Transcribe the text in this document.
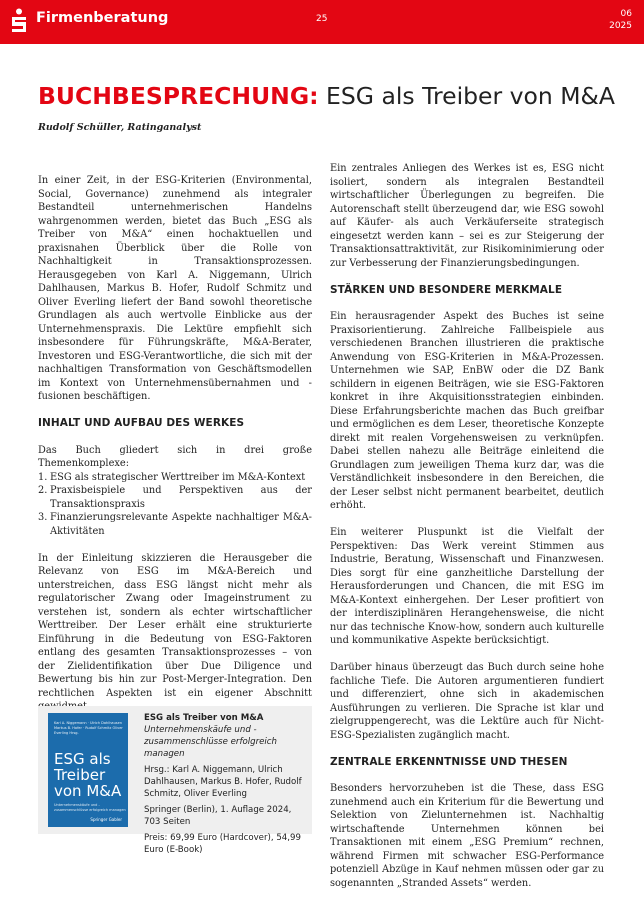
Firmenberatung	25	06
2025
BUCHBESPRECHUNG: ESG als Treiber von M&A
Rudolf Schüller, Ratinganalyst

In einer Zeit, in der ESG-Kriterien (Environmental, Social, Governance) zunehmend als integraler Bestandteil unternehmerischen Handelns wahrgenommen werden, bietet das Buch „ESG als Treiber von M&A“ einen hochaktuellen und praxisnahen Überblick über die Rolle von Nachhaltigkeit in Transaktionsprozessen. Herausgegeben von Karl A. Niggemann, Ulrich Dahlhausen, Markus B. Hofer, Rudolf Schmitz und Oliver Everling liefert der Band sowohl theoretische Grundlagen als auch wertvolle Einblicke aus der Unternehmenspraxis. Die Lektüre empfiehlt sich insbesondere für Führungskräfte, M&A-Berater, Investoren und ESG-Verantwortliche, die sich mit der nachhaltigen Transformation von Geschäftsmodellen im Kontext von Unternehmensübernahmen und -fusionen beschäftigen.

INHALT UND AUFBAU DES WERKES

Das Buch gliedert sich in drei große Themenkomplexe:

1. ESG als strategischer Werttreiber im M&A-Kontext
2. Praxisbeispiele und Perspektiven aus der Transaktionspraxis
3. Finanzierungsrelevante Aspekte nachhaltiger M&A-Aktivitäten

In der Einleitung skizzieren die Herausgeber die Relevanz von ESG im M&A-Bereich und unterstreichen, dass ESG längst nicht mehr als regulatorischer Zwang oder Imageinstrument zu verstehen ist, sondern als echter wirtschaftlicher Werttreiber. Der Leser erhält eine strukturierte Einführung in die Bedeutung von ESG-Faktoren entlang des gesamten Transaktionsprozesses – von der Zielidentifikation über Due Diligence und Bewertung bis hin zur Post-Merger-Integration. Den rechtlichen Aspekten ist ein eigener Abschnitt

Karl A. Niggemann · Ulrich Dahlhausen Markus B. Hofer · Rudolf Schmitz Oliver Everling Hrsg.
ESG als Treiber von M&A
Unternehmenskäufe und -zusammenschlüsse erfolgreich managen
Springer Gabler
ESG als Treiber von M&A
Unternehmenskäufe und -zusammenschlüsse erfolgreich managen
Hrsg.: Karl A. Niggemann, Ulrich Dahlhausen, Markus B. Hofer, Rudolf Schmitz, Oliver Everling
Springer (Berlin), 1. Auflage 2024, 703 Seiten
Preis: 69,99 Euro (Hardcover), 54,99 Euro (E-Book)

Ein zentrales Anliegen des Werkes ist es, ESG nicht isoliert, sondern als integralen Bestandteil wirtschaftlicher Überlegungen zu begreifen. Die Autorenschaft stellt überzeugend dar, wie ESG sowohl auf Käufer- als auch Verkäuferseite strategisch eingesetzt werden kann – sei es zur Steigerung der Transaktionsattraktivität, zur Risikominimierung oder zur Verbesserung der Finanzierungsbedingungen.

STÄRKEN UND BESONDERE MERKMALE

Ein herausragender Aspekt des Buches ist seine Praxisorientierung. Zahlreiche Fallbeispiele aus verschiedenen Branchen illustrieren die praktische Anwendung von ESG-Kriterien in M&A-Prozessen. Unternehmen wie SAP, EnBW oder die DZ Bank schildern in eigenen Beiträgen, wie sie ESG-Faktoren konkret in ihre Akquisitionsstrategien einbinden. Diese Erfahrungsberichte machen das Buch greifbar und ermöglichen es dem Leser, theoretische Konzepte direkt mit realen Vorgehensweisen zu verknüpfen. Dabei stellen nahezu alle Beiträge einleitend die Grundlagen zum jeweiligen Thema kurz dar, was die Verständlichkeit insbesondere in den Bereichen, die der Leser selbst nicht permanent bearbeitet, deutlich erhöht.

Ein weiterer Pluspunkt ist die Vielfalt der Perspektiven: Das Werk vereint Stimmen aus Industrie, Beratung, Wissenschaft und Finanzwesen. Dies sorgt für eine ganzheitliche Darstellung der Herausforderungen und Chancen, die mit ESG im M&A-Kontext einhergehen. Der Leser profitiert von der interdisziplinären Herangehensweise, die nicht nur das technische Know-how, sondern auch kulturelle und kommunikative Aspekte berücksichtigt.

Darüber hinaus überzeugt das Buch durch seine hohe fachliche Tiefe. Die Autoren argumentieren fundiert und differenziert, ohne sich in akademischen Ausführungen zu verlieren. Die Sprache ist klar und zielgruppengerecht, was die Lektüre auch für Nicht-ESG-Spezialisten zugänglich macht.

ZENTRALE ERKENNTNISSE UND THESEN

Besonders hervorzuheben ist die These, dass ESG zunehmend auch ein Kriterium für die Bewertung und Selektion von Zielunternehmen ist. Nachhaltig wirtschaftende Unternehmen können bei Transaktionen mit einem „ESG Premium“ rechnen, während Firmen mit schwacher ESG-Performance potenziell Abzüge in Kauf nehmen müssen oder gar zu sogenannten „Stranded Assets“ werden.
